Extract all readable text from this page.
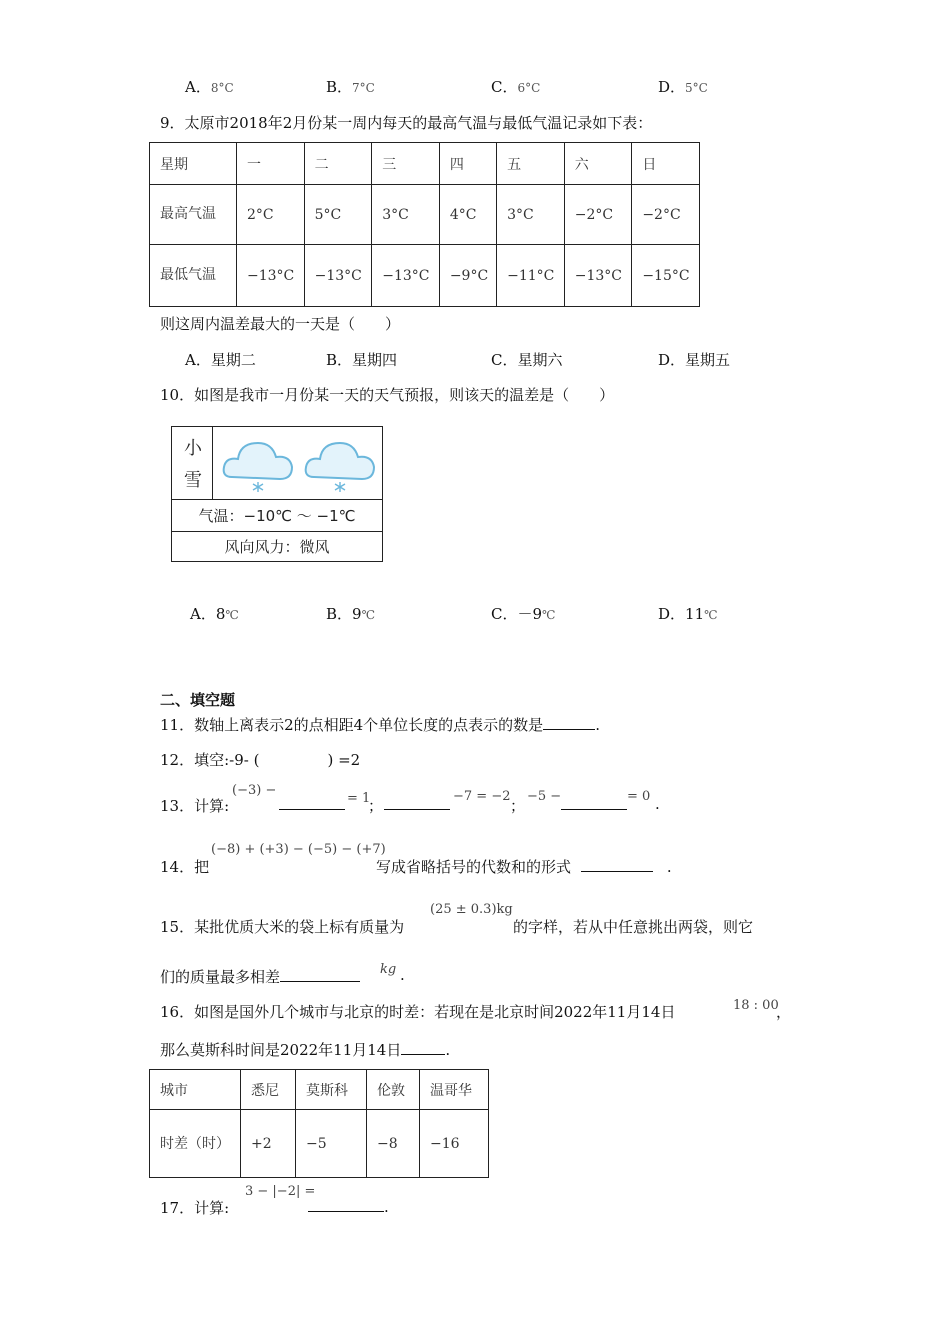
A．8°C	B．7°C	C．6°C	D．5°C
9．太原市2018年2月份某一周内每天的最高气温与最低气温记录如下表：
星期	一	二	三	四	五	六	日
最高气温	2°C	5°C	3°C	4°C	3°C	−2°C	−2°C
最低气温	−13°C	−13°C	−13°C	−9°C	−11°C	−13°C	−15°C
则这周内温差最大的一天是（　　）
A．星期二	B．星期四	C．星期六	D．星期五
10．如图是我市一月份某一天的天气预报，则该天的温差是（　　）
小雪
气温：−10℃ ～ −1℃
风向风力：微风
A．8℃	B．9℃	C．－9℃	D．11℃
二、填空题
11．数轴上离表示2的点相距4个单位长度的点表示的数是	.
12．填空:-9- (	) =2
13．计算:
(−3) −
= 1
；
−7 = −2
；
−5 −	= 0 .
14．把
(−8) + (+3) − (−5) − (+7)
写成省略括号的代数和的形式	.
15．某批优质大米的袋上标有质量为
(25 ± 0.3)kg
的字样，若从中任意挑出两袋，则它
们的质量最多相差	kg .
16．如图是国外几个城市与北京的时差：若现在是北京时间2022年11月14日	18 : 00
，
那么莫斯科时间是2022年11月14日	.
城市	悉尼	莫斯科	伦敦	温哥华
时差（时）	+2	−5	−8	−16
17．计算:
3 − |−2| =
.
